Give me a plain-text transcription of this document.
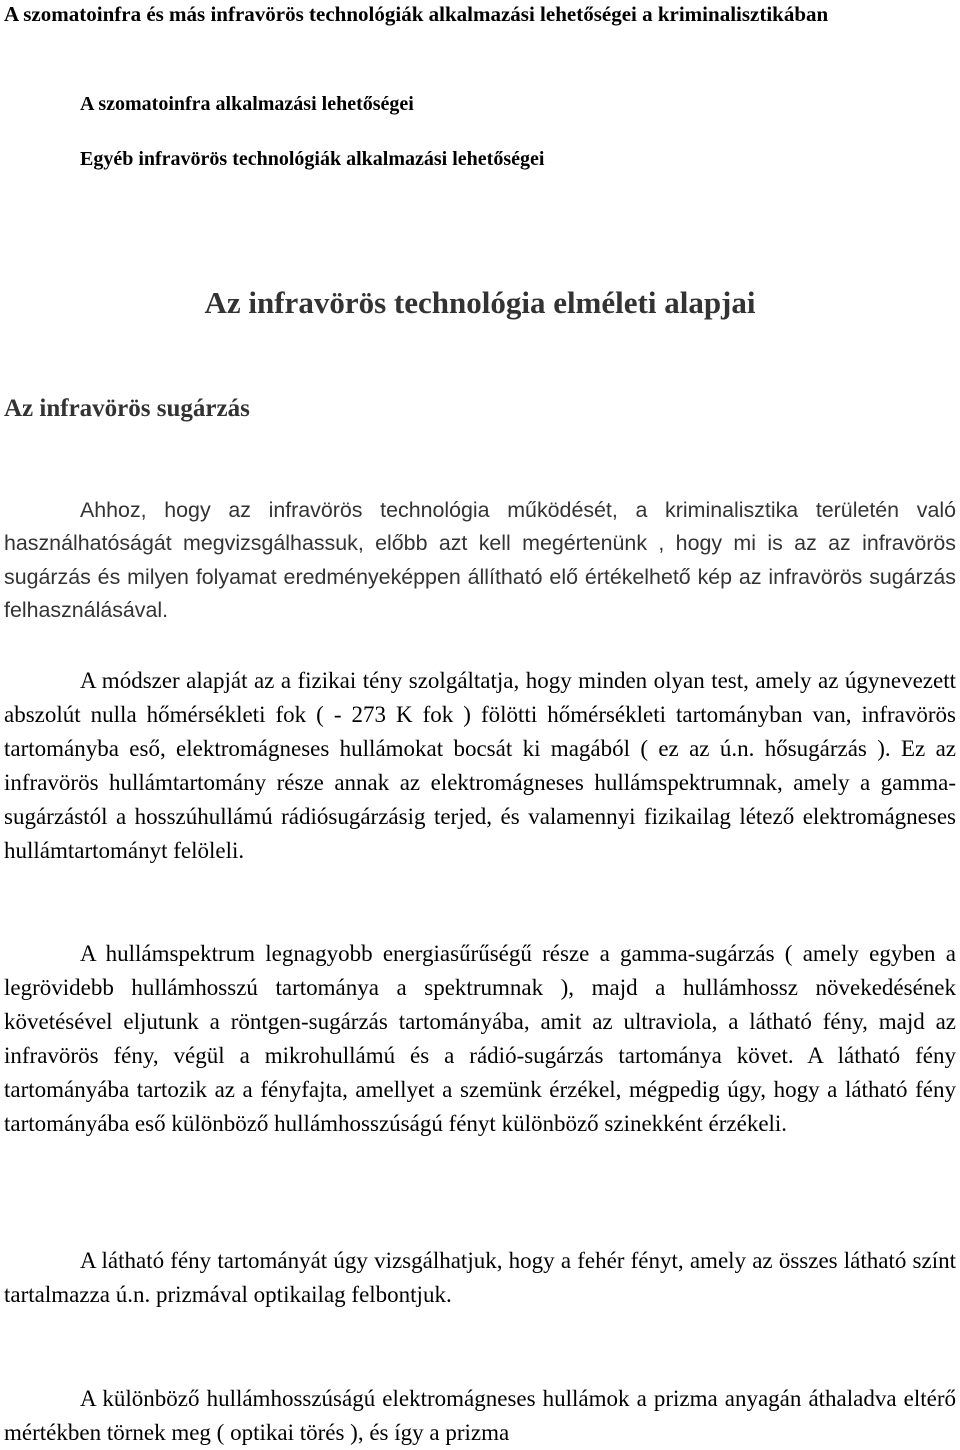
A szomatoinfra és más infravörös technológiák alkalmazási lehetőségei a kriminalisztikában
A szomatoinfra alkalmazási lehetőségei
Egyéb infravörös technológiák alkalmazási lehetőségei
Az infravörös technológia elméleti alapjai
Az infravörös sugárzás

Ahhoz, hogy az infravörös technológia működését, a kriminalisztika területén való használhatóságát megvizsgálhassuk, előbb azt kell megértenünk , hogy mi is az az infravörös sugárzás és milyen folyamat eredményeképpen állítható elő értékelhető kép az infravörös sugárzás felhasználásával.

A módszer alapját az a fizikai tény szolgáltatja, hogy minden olyan test, amely az úgynevezett abszolút nulla hőmérsékleti fok ( - 273 K fok ) fölötti hőmérsékleti tartományban van, infravörös tartományba eső, elektromágneses hullámokat bocsát ki magából ( ez az ú.n. hősugárzás ). Ez az infravörös hullámtartomány része annak az elektromágneses hullámspektrumnak, amely a gamma-sugárzástól a hosszúhullámú rádiósugárzásig terjed, és valamennyi fizikailag létező elektromágneses hullámtartományt felöleli.

A hullámspektrum legnagyobb energiasűrűségű része a gamma-sugárzás ( amely egyben a legrövidebb hullámhosszú tartománya a spektrumnak ), majd a hullámhossz növekedésének követésével eljutunk a röntgen-sugárzás tartományába, amit az ultraviola, a látható fény, majd az infravörös fény, végül a mikrohullámú és a rádió-sugárzás tartománya követ. A látható fény tartományába tartozik az a fényfajta, amellyet a szemünk érzékel, mégpedig úgy, hogy a látható fény tartományába eső különböző hullámhosszúságú fényt különböző szinekként érzékeli.

A látható fény tartományát úgy vizsgálhatjuk, hogy a fehér fényt, amely az összes látható színt tartalmazza ú.n. prizmával optikailag felbontjuk.

A különböző hullámhosszúságú elektromágneses hullámok a prizma anyagán áthaladva eltérő mértékben törnek meg ( optikai törés ), és így a prizma
